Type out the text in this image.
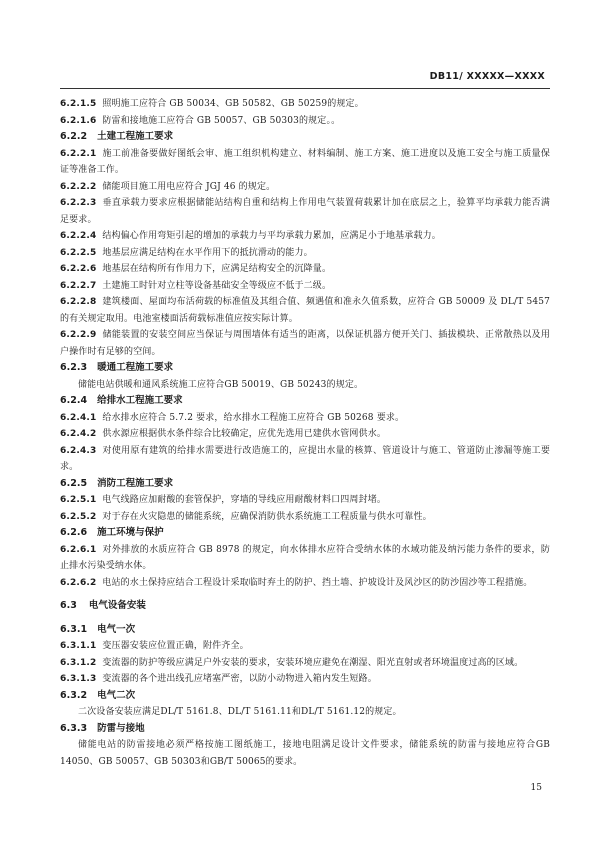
DB11/ XXXXX—XXXX

6.2.1.5 照明施工应符合 GB 50034、GB 50582、GB 50259的规定。

6.2.1.6 防雷和接地施工应符合 GB 50057、GB 50303的规定。。

6.2.2 土建工程施工要求

6.2.2.1 施工前准备要做好图纸会审、施工组织机构建立、材料编制、施工方案、施工进度以及施工安全与施工质量保证等准备工作。

6.2.2.2 储能项目施工用电应符合 JGJ 46 的规定。

6.2.2.3 垂直承载力要求应根据储能站结构自重和结构上作用电气装置荷载累计加在底层之上，验算平均承载力能否满足要求。

6.2.2.4 结构偏心作用弯矩引起的增加的承载力与平均承载力累加，应满足小于地基承载力。

6.2.2.5 地基层应满足结构在水平作用下的抵抗滑动的能力。

6.2.2.6 地基层在结构所有作用力下，应满足结构安全的沉降量。

6.2.2.7 土建施工时针对立柱等设备基础安全等级应不低于二级。

6.2.2.8 建筑楼面、屋面均布活荷载的标准值及其组合值、频遇值和准永久值系数，应符合 GB 50009 及 DL/T 5457 的有关规定取用。电池室楼面活荷载标准值应按实际计算。

6.2.2.9 储能装置的安装空间应当保证与周围墙体有适当的距离，以保证机器方便开关门、插拔模块、正常散热以及用户操作时有足够的空间。

6.2.3 暖通工程施工要求

储能电站供暖和通风系统施工应符合GB 50019、GB 50243的规定。

6.2.4 给排水工程施工要求

6.2.4.1 给水排水应符合 5.7.2 要求，给水排水工程施工应符合 GB 50268 要求。

6.2.4.2 供水源应根据供水条件综合比较确定，应优先选用已建供水管网供水。

6.2.4.3 对使用原有建筑的给排水需要进行改造施工的，应提出水量的核算、管道设计与施工、管道防止渗漏等施工要求。

6.2.5 消防工程施工要求

6.2.5.1 电气线路应加耐酸的套管保护，穿墙的导线应用耐酸材料口四周封堵。

6.2.5.2 对于存在火灾隐患的储能系统，应确保消防供水系统施工工程质量与供水可靠性。

6.2.6 施工环境与保护

6.2.6.1 对外排放的水质应符合 GB 8978 的规定，向水体排水应符合受纳水体的水域功能及纳污能力条件的要求，防止排水污染受纳水体。

6.2.6.2 电站的水土保持应结合工程设计采取临时弃土的防护、挡土墙、护坡设计及风沙区的防沙固沙等工程措施。

6.3 电气设备安装

6.3.1 电气一次

6.3.1.1 变压器安装应位置正确，附件齐全。

6.3.1.2 变流器的防护等级应满足户外安装的要求，安装环境应避免在潮湿、阳光直射或者环境温度过高的区域。

6.3.1.3 变流器的各个进出线孔应堵塞严密，以防小动物进入箱内发生短路。

6.3.2 电气二次

二次设备安装应满足DL/T 5161.8、DL/T 5161.11和DL/T 5161.12的规定。

6.3.3 防雷与接地

储能电站的防雷接地必须严格按施工图纸施工，接地电阻满足设计文件要求，储能系统的防雷与接地应符合GB 14050、GB 50057、GB 50303和GB/T 50065的要求。

15
